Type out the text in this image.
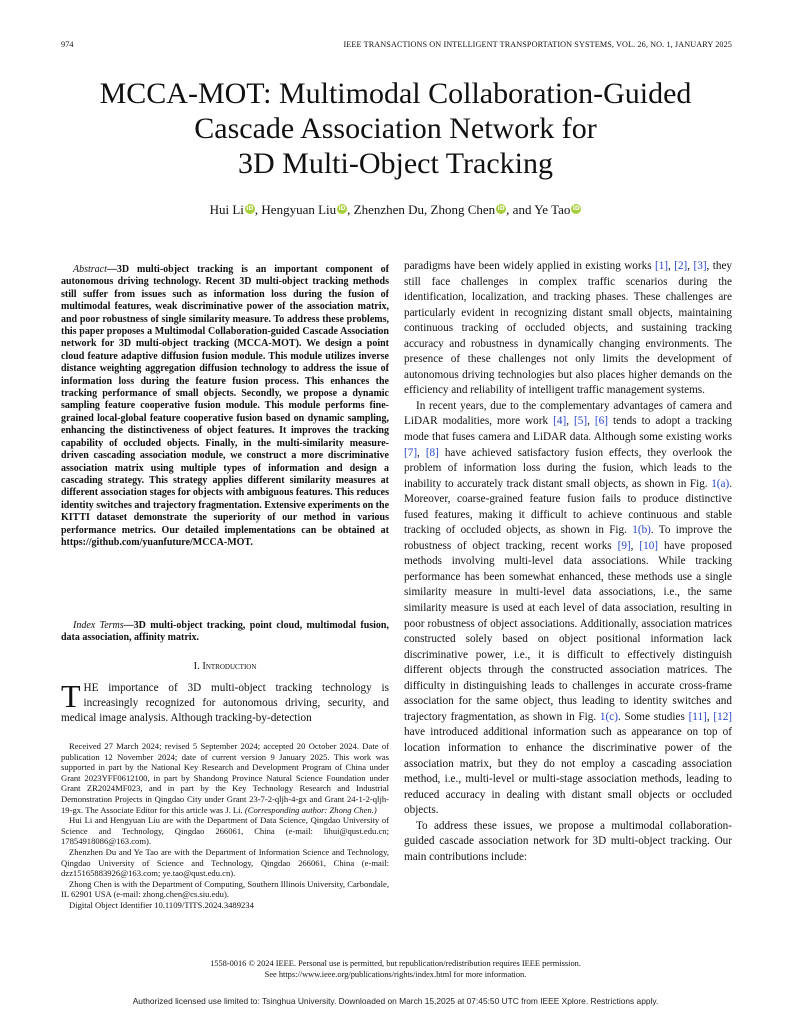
974	IEEE TRANSACTIONS ON INTELLIGENT TRANSPORTATION SYSTEMS, VOL. 26, NO. 1, JANUARY 2025
MCCA-MOT: Multimodal Collaboration-Guided
Cascade Association Network for
3D Multi-Object Tracking
Hui Li iD, Hengyuan Liu iD, Zhenzhen Du, Zhong Chen iD, and Ye Tao iD
Abstract—3D multi-object tracking is an important component of autonomous driving technology. Recent 3D multi-object tracking methods still suffer from issues such as information loss during the fusion of multimodal features, weak discriminative power of the association matrix, and poor robustness of single similarity measure. To address these problems, this paper proposes a Multimodal Collaboration-guided Cascade Association network for 3D multi-object tracking (MCCA-MOT). We design a point cloud feature adaptive diffusion fusion module. This module utilizes inverse distance weighting aggregation diffusion technology to address the issue of information loss during the feature fusion process. This enhances the tracking performance of small objects. Secondly, we propose a dynamic sampling feature cooperative fusion module. This module performs fine-grained local-global feature cooperative fusion based on dynamic sampling, enhancing the distinctiveness of object features. It improves the tracking capability of occluded objects. Finally, in the multi-similarity measure-driven cascading association module, we construct a more discriminative association matrix using multiple types of information and design a cascading strategy. This strategy applies different similarity measures at different association stages for objects with ambiguous features. This reduces identity switches and trajectory fragmentation. Extensive experiments on the KITTI dataset demonstrate the superiority of our method in various performance metrics. Our detailed implementations can be obtained at https://github.com/yuanfuture/MCCA-MOT.
Index Terms—3D multi-object tracking, point cloud, multimodal fusion, data association, affinity matrix.
I. Introduction
THE importance of 3D multi-object tracking technology is increasingly recognized for autonomous driving, security, and medical image analysis. Although tracking-by-detection

Received 27 March 2024; revised 5 September 2024; accepted 20 October 2024. Date of publication 12 November 2024; date of current version 9 January 2025. This work was supported in part by the National Key Research and Development Program of China under Grant 2023YFF0612100, in part by Shandong Province Natural Science Foundation under Grant ZR2024MF023, and in part by the Key Technology Research and Industrial Demonstration Projects in Qingdao City under Grant 23-7-2-qljh-4-gx and Grant 24-1-2-qljh-19-gx. The Associate Editor for this article was J. Li. (Corresponding author: Zhong Chen.)

Hui Li and Hengyuan Liu are with the Department of Data Science, Qingdao University of Science and Technology, Qingdao 266061, China (e-mail: lihui@qust.edu.cn; 17854918086@163.com).

Zhenzhen Du and Ye Tao are with the Department of Information Science and Technology, Qingdao University of Science and Technology, Qingdao 266061, China (e-mail: dzz15165883926@163.com; ye.tao@qust.edu.cn).

Zhong Chen is with the Department of Computing, Southern Illinois University, Carbondale, IL 62901 USA (e-mail: zhong.chen@cs.siu.edu).

Digital Object Identifier 10.1109/TITS.2024.3489234

paradigms have been widely applied in existing works [1], [2], [3], they still face challenges in complex traffic scenarios during the identification, localization, and tracking phases. These challenges are particularly evident in recognizing distant small objects, maintaining continuous tracking of occluded objects, and sustaining tracking accuracy and robustness in dynamically changing environments. The presence of these challenges not only limits the development of autonomous driving technologies but also places higher demands on the efficiency and reliability of intelligent traffic management systems.

In recent years, due to the complementary advantages of camera and LiDAR modalities, more work [4], [5], [6] tends to adopt a tracking mode that fuses camera and LiDAR data. Although some existing works [7], [8] have achieved satisfactory fusion effects, they overlook the problem of information loss during the fusion, which leads to the inability to accurately track distant small objects, as shown in Fig. 1(a). Moreover, coarse-grained feature fusion fails to produce distinctive fused features, making it difficult to achieve continuous and stable tracking of occluded objects, as shown in Fig. 1(b). To improve the robustness of object tracking, recent works [9], [10] have proposed methods involving multi-level data associations. While tracking performance has been somewhat enhanced, these methods use a single similarity measure in multi-level data associations, i.e., the same similarity measure is used at each level of data association, resulting in poor robustness of object associations. Additionally, association matrices constructed solely based on object positional information lack discriminative power, i.e., it is difficult to effectively distinguish different objects through the constructed association matrices. The difficulty in distinguishing leads to challenges in accurate cross-frame association for the same object, thus leading to identity switches and trajectory fragmentation, as shown in Fig. 1(c). Some studies [11], [12] have introduced additional information such as appearance on top of location information to enhance the discriminative power of the association matrix, but they do not employ a cascading association method, i.e., multi-level or multi-stage association methods, leading to reduced accuracy in dealing with distant small objects or occluded objects.

To address these issues, we propose a multimodal collaboration-guided cascade association network for 3D multi-object tracking. Our main contributions include:

1558-0016 © 2024 IEEE. Personal use is permitted, but republication/redistribution requires IEEE permission.
See https://www.ieee.org/publications/rights/index.html for more information.
Authorized licensed use limited to: Tsinghua University. Downloaded on March 15,2025 at 07:45:50 UTC from IEEE Xplore. Restrictions apply.
